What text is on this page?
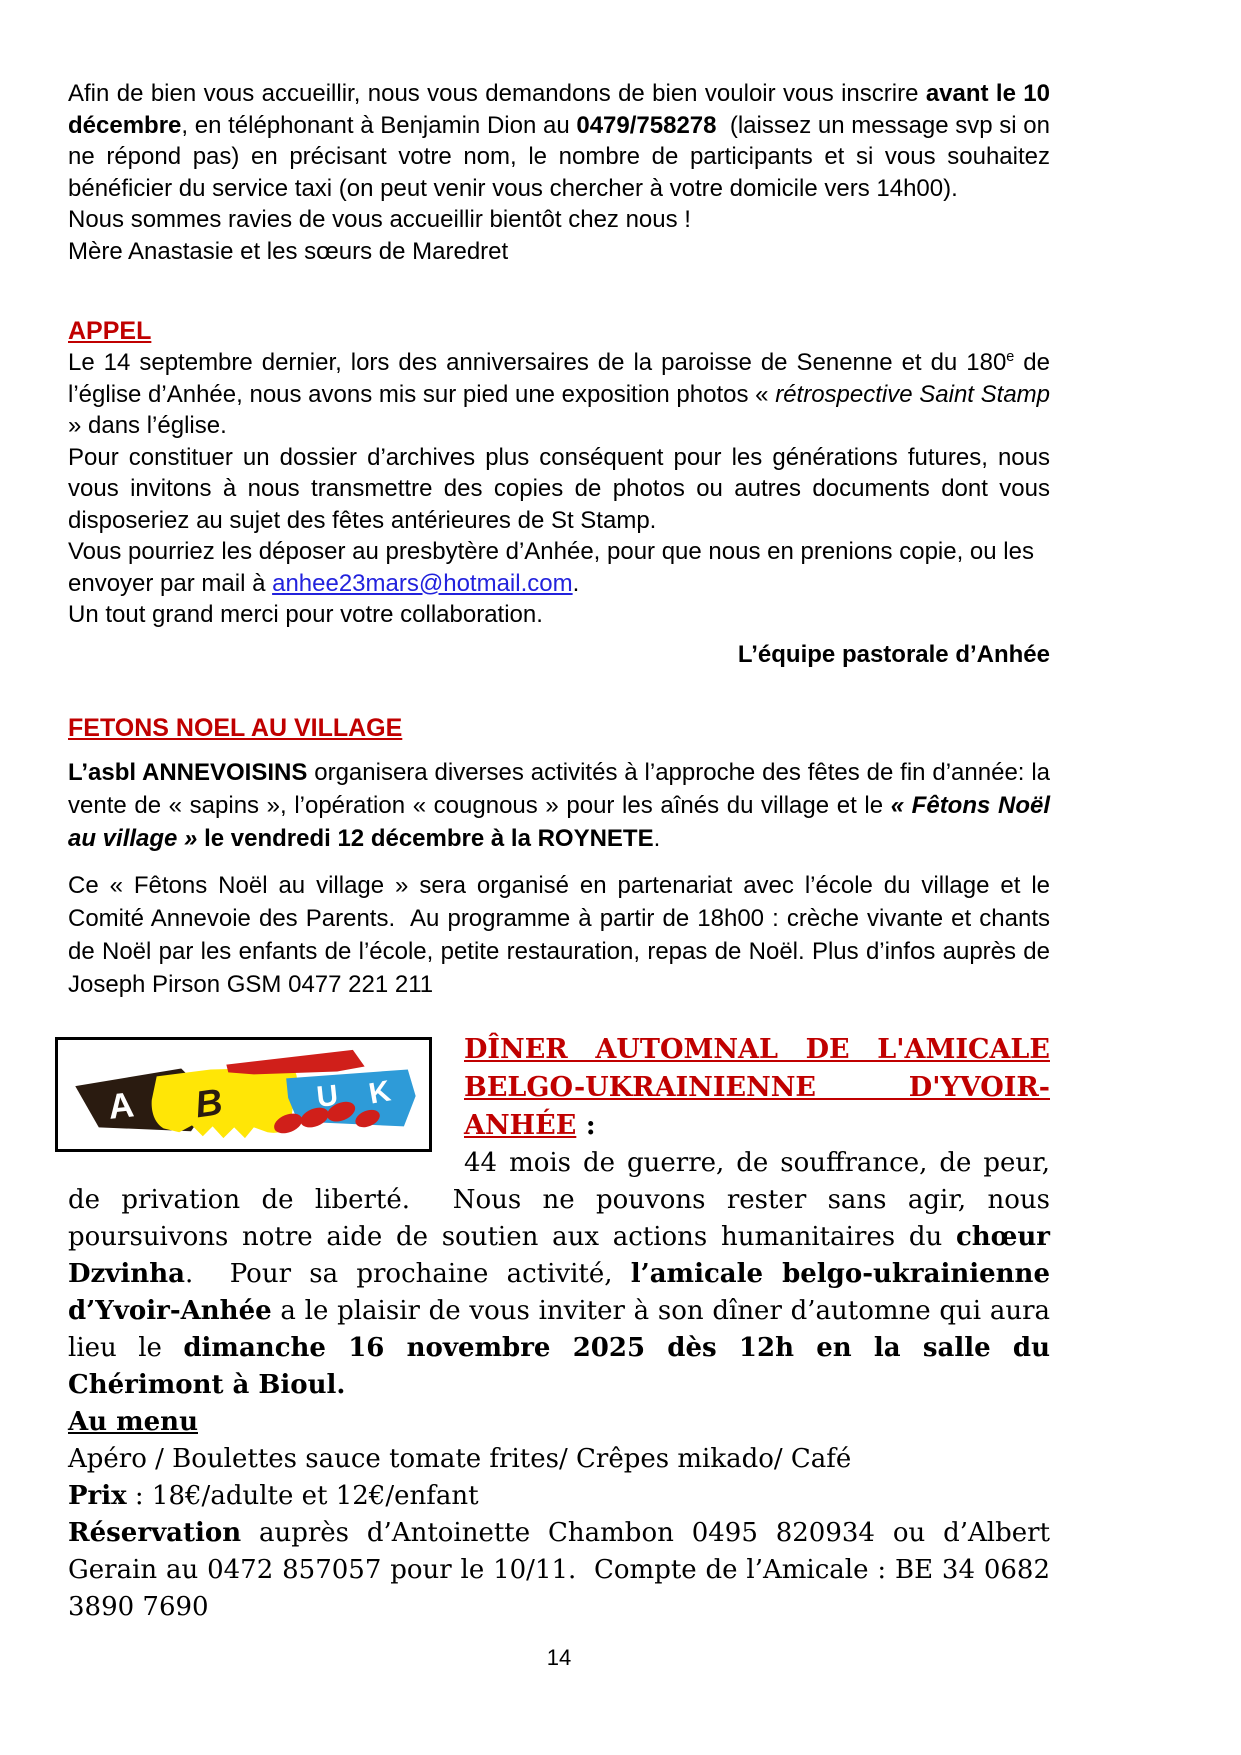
Afin de bien vous accueillir, nous vous demandons de bien vouloir vous inscrire avant le 10 décembre, en téléphonant à Benjamin Dion au 0479/758278  (laissez un message svp si on ne répond pas) en précisant votre nom, le nombre de participants et si vous souhaitez bénéficier du service taxi (on peut venir vous chercher à votre domicile vers 14h00).

Nous sommes ravies de vous accueillir bientôt chez nous !

Mère Anastasie et les sœurs de Maredret

APPEL

Le 14 septembre dernier, lors des anniversaires de la paroisse de Senenne et du 180e de l’église d’Anhée, nous avons mis sur pied une exposition photos « rétrospective Saint Stamp » dans l’église.

Pour constituer un dossier d’archives plus conséquent pour les générations futures, nous vous invitons à nous transmettre des copies de photos ou autres documents dont vous disposeriez au sujet des fêtes antérieures de St Stamp.

Vous pourriez les déposer au presbytère d’Anhée, pour que nous en prenions copie, ou les envoyer par mail à anhee23mars@hotmail.com.

Un tout grand merci pour votre collaboration.

L’équipe pastorale d’Anhée

FETONS NOEL AU VILLAGE

L’asbl ANNEVOISINS organisera diverses activités à l’approche des fêtes de fin d’année: la vente de « sapins », l’opération « cougnous » pour les aînés du village et le « Fêtons Noël au village » le vendredi 12 décembre à la ROYNETE.

Ce « Fêtons Noël au village » sera organisé en partenariat avec l’école du village et le Comité Annevoie des Parents.  Au programme à partir de 18h00 : crèche vivante et chants de Noël par les enfants de l’école, petite restauration, repas de Noël. Plus d’infos auprès de Joseph Pirson GSM 0477 221 211

A B	U K

DÎNER AUTOMNAL DE L'AMICALE BELGO-UKRAINIENNE D'YVOIR-ANHÉE :

44 mois de guerre, de souffrance, de peur, de privation de liberté.  Nous ne pouvons rester sans agir, nous poursuivons notre aide de soutien aux actions humanitaires du chœur Dzvinha.  Pour sa prochaine activité, l’amicale belgo-ukrainienne d’Yvoir-Anhée a le plaisir de vous inviter à son dîner d’automne qui aura lieu le dimanche 16 novembre 2025 dès 12h en la salle du Chérimont à Bioul.

Au menu

Apéro / Boulettes sauce tomate frites/ Crêpes mikado/ Café

Prix : 18€/adulte et 12€/enfant

Réservation auprès d’Antoinette Chambon 0495 820934 ou d’Albert Gerain au 0472 857057 pour le 10/11.  Compte de l’Amicale : BE 34 0682 3890 7690

14
